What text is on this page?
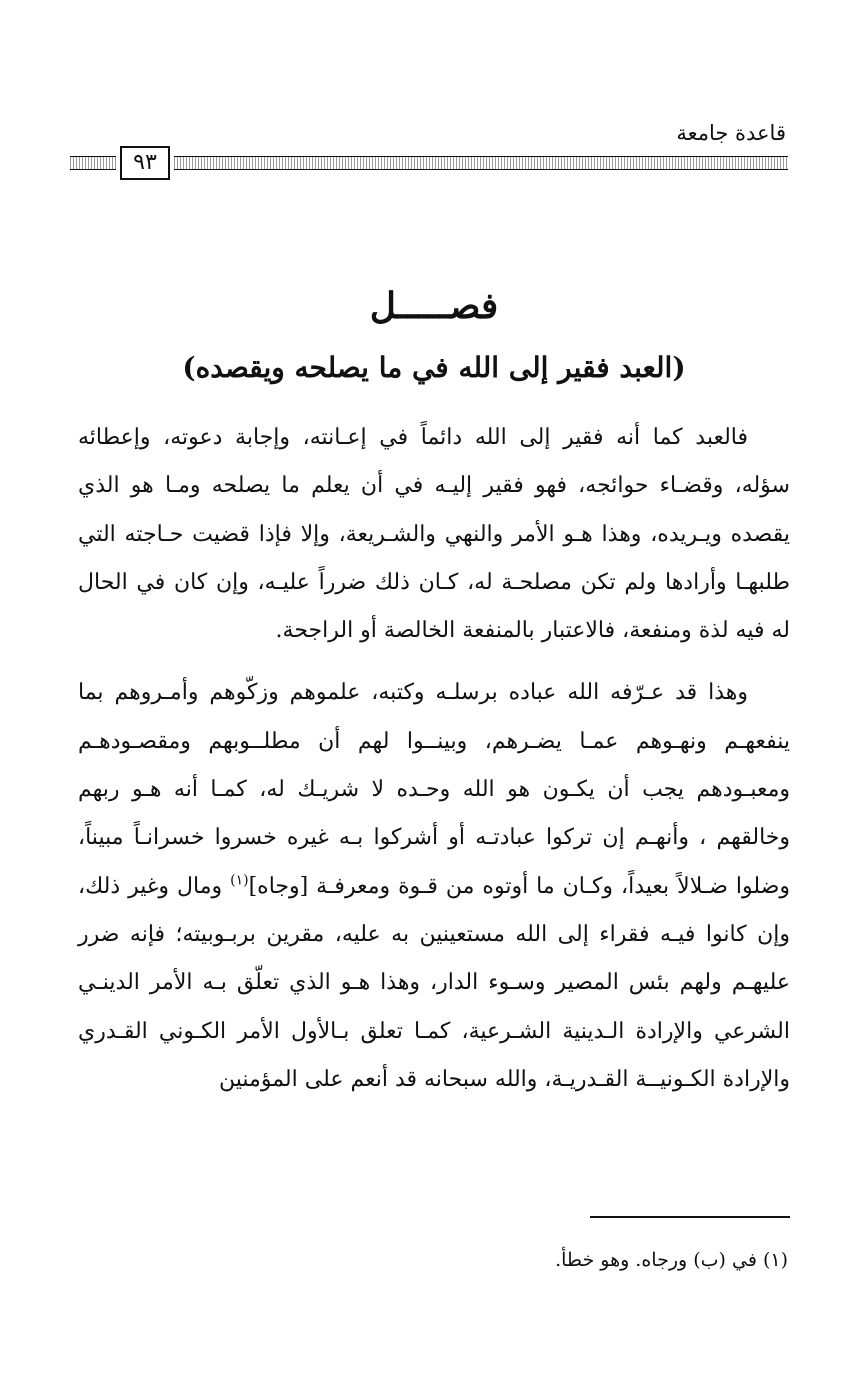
قاعدة جامعة
٩٣
فصـــــل
(العبد فقير إلى الله في ما يصلحه ويقصده)

فالعبد كما أنه فقير إلى الله دائماً في إعـانته، وإجابة دعوته، وإعطائه سؤله، وقضـاء حوائجه، فهو فقير إليـه في أن يعلم ما يصلحه ومـا هو الذي يقصده ويـريده، وهذا هـو الأمر والنهي والشـريعة، وإلا فإذا قضيت حـاجته التي طلبهـا وأرادها ولم تكن مصلحـة له، كـان ذلك ضرراً عليـه، وإن كان في الحال له فيه لذة ومنفعة، فالاعتبار بالمنفعة الخالصة أو الراجحة.

وهذا قد عـرّفه الله عباده برسلـه وكتبه، علموهم وزكّوهم وأمـروهم بما ينفعهـم ونهـوهم عمـا يضـرهم، وبينــوا لهم أن مطلــوبهم ومقصـودهـم ومعبـودهم يجب أن يكـون هو الله وحـده لا شريـك له، كمـا أنه هـو ربهم وخالقهم ، وأنهـم إن تركوا عبادتـه أو أشركوا بـه غيره خسروا خسرانـاً مبيناً، وضلوا ضـلالاً بعيداً، وكـان ما أوتوه من قـوة ومعرفـة [وجاه]$^{(١)}$ ومال وغير ذلك، وإن كانوا فيـه فقراء إلى الله مستعينين به عليه، مقرين بربـوبيته؛ فإنه ضرر عليهـم ولهم بئس المصير وسـوء الدار، وهذا هـو الذي تعلّق بـه الأمر الدينـي الشرعي والإرادة الـدينية الشـرعية، كمـا تعلق بـالأول الأمر الكـوني القـدري والإرادة الكـونيــة القـدريـة، والله سبحانه قد أنعم على المؤمنين

(١) في (ب) ورجاه. وهو خطأ.
